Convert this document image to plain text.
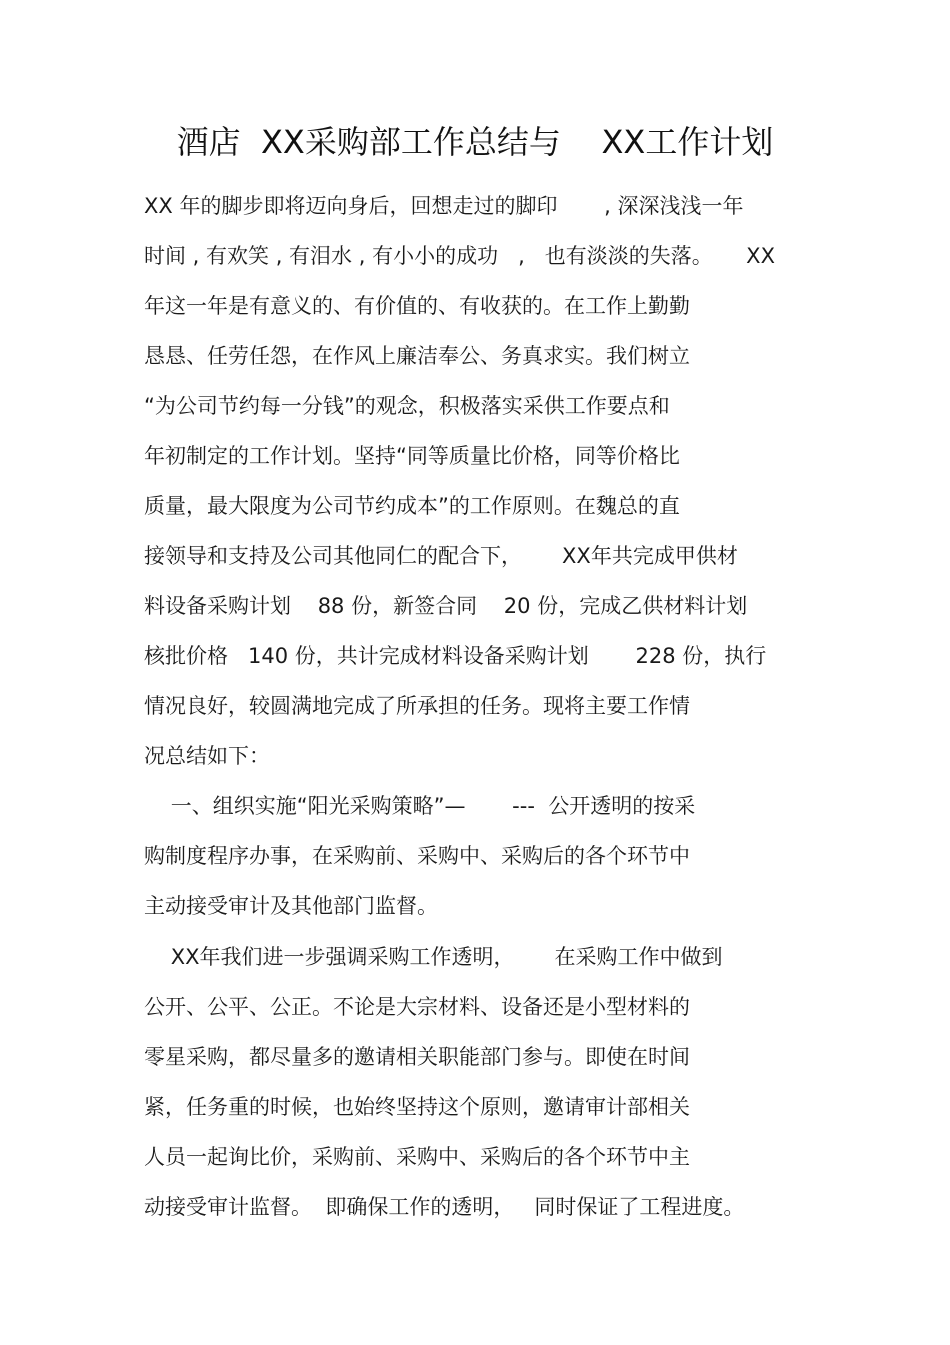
酒店  XX采购部工作总结与    XX工作计划
XX 年的脚步即将迈向身后，回想走过的脚印       , 深深浅浅一年
时间 , 有欢笑 , 有泪水 , 有小小的成功   ,   也有淡淡的失落。     XX
年这一年是有意义的、有价值的、有收获的。在工作上勤勤
恳恳、任劳任怨，在作风上廉洁奉公、务真求实。我们树立
“为公司节约每一分钱”的观念，积极落实采供工作要点和
年初制定的工作计划。坚持“同等质量比价格，同等价格比
质量，最大限度为公司节约成本”的工作原则。在魏总的直
接领导和支持及公司其他同仁的配合下，      XX年共完成甲供材
料设备采购计划    88 份，新签合同    20 份，完成乙供材料计划
核批价格   140 份，共计完成材料设备采购计划       228 份，执行
情况良好，较圆满地完成了所承担的任务。现将主要工作情
况总结如下：
一、组织实施“阳光采购策略”—       ---  公开透明的按采
购制度程序办事，在采购前、采购中、采购后的各个环节中
主动接受审计及其他部门监督。
XX年我们进一步强调采购工作透明，      在采购工作中做到
公开、公平、公正。不论是大宗材料、设备还是小型材料的
零星采购，都尽量多的邀请相关职能部门参与。即使在时间
紧，任务重的时候，也始终坚持这个原则，邀请审计部相关
人员一起询比价，采购前、采购中、采购后的各个环节中主
动接受审计监督。  即确保工作的透明，   同时保证了工程进度。
